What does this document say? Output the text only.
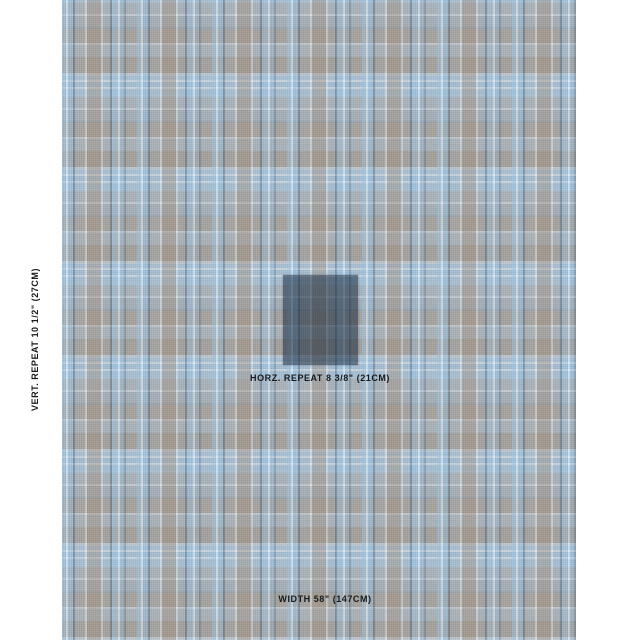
VERT. REPEAT 10 1/2" (27CM)	HORZ. REPEAT 8 3/8" (21CM)
WIDTH 58" (147CM)
